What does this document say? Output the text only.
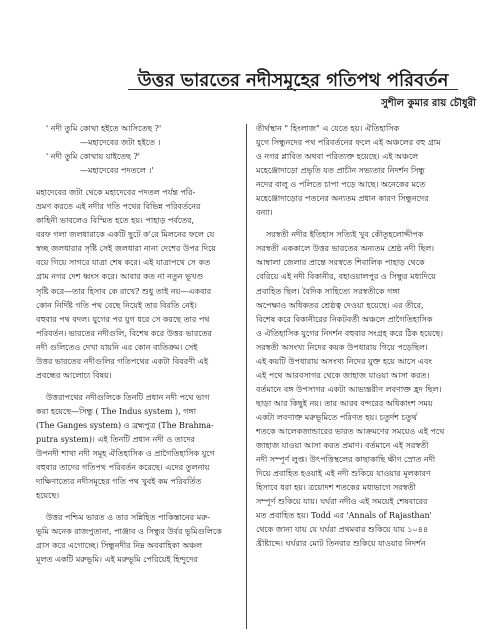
উত্তর ভারতের নদীসমূহের গতিপথ পরিবর্তন
সুশীল কুমার রায় চৌধুরী
' নদী তুমি কোথা হইতে আসিতেছ ?'
—মহাদেবের জটা হইতে ।
' নদী তুমি কোথায় যাইতেছ ?'
—মহাদেবের পদতলে ।'
মহাদেবের জটা থেকে মহাদেবের পদতল পর্যন্ত পরি-
ভ্রমণ করতে এই নদীর গতি পথের বিভিন্ন পরিবর্তনের
কাহিনী ভাবলেও বিস্মিত হতে হয়। পাহাড় পর্বতের,
বরফ গলা জলধারাকে একটি ছুটে ক'রে মিলনের ফলে যে
স্বচ্ছ জলধারার সৃষ্টি সেই জলধারা নানা দেশের উপর দিয়ে
বয়ে গিয়ে সাগরে যাত্রা শেষ করে। এই যাত্রাপথে সে কত
গ্রাম নগর দেশ ধ্বংস করে। আবার কত না নতুন ভূখণ্ড
সৃষ্টি করে—তার হিসাব কে রাখে? শুধু তাই নয়—একবার
কোন নির্দিষ্ট গতি পথ বেছে নিয়েই তার বিরতি নেই।
বহুবার পথ বদল। যুগের পর যুগ ধরে সে করছে তার পথ
পরিবর্তন। ভারতের নদীগুলি, বিশেষ করে উত্তর ভারতের
নদী গুলিতেও দেখা যায়নি এর কোন ব্যতিক্রম। সেই
উত্তর ভারতের নদীগুলির গতিপথের একটা বিবরণী এই
প্রবন্ধের আলোচ্য বিষয়।
উত্তরাপথের নদীগুলিকে তিনটি প্রধান নদী পথে ভাগ
করা হয়েছে—সিন্ধু ( The Indus system ), গঙ্গা
(The Ganges system) ও ব্রহ্মপুত্র (The Brahma-
putra system)। এই তিনটি প্রধান নদী ও তাদের
উপনদী শাখা নদী সমূহ ঐতিহাসিক ও প্রাগৈতিহাসিক যুগে
বহুবার তাদের গতিপথ পরিবর্তন করেছে। এদের তুলনায়
দাক্ষিণাত্যের নদীসমূহের গতি পথ খুবই কম পরিবর্তিত
হয়েছে।
উত্তর পশ্চিম ভারত ও তার সন্নিহিত পাকিস্তানের মরু-
ভূমি অনেক রাজপুতানা, পাঞ্জাব ও সিন্ধুর উর্বর ভূমিগুলিকে
গ্রাস করে এগোচ্ছে। সিন্ধুনদীর নিম্ন অববাহিকা অঞ্চল
মূলত একটি মরুভূমি। এই মরুভূমি পেরিয়েই হিন্দুদের
তীর্থস্থান " হিংলাজ" এ যেতে হয়। ঐতিহাসিক
যুগে সিন্ধুনদের পথ পরিবর্তনের ফলে এই অঞ্চলের বহু গ্রাম
ও নগর প্লাবিত অথবা পরিত্যক্ত হয়েছে। এই অঞ্চলে
মহেঞ্জোদাড়ো প্রভৃতি যত প্রাচীন সভ্যতার নিদর্শন সিন্ধু
নদের বালু ও পলিতে চাপা পড়ে আছে। অনেকের মতে
মহেঞ্জোদাড়োর পতনের অন্যতম প্রধান কারণ সিন্ধুনদের
বন্যা।
সরস্বতী নদীর ইতিহাস সত্যিই খুব কৌতূহলোদ্দীপক
সরস্বতী এককালে উত্তর ভারতের অন্যতম শ্রেষ্ঠ নদী ছিল।
আম্বালা জেলার প্রান্তে সরস্বতে শিবালিক পাহাড় থেকে
বেরিয়ে এই নদী বিকানীর, বহাওয়ালপুর ও সিন্ধুর মধ্যদিয়ে
প্রবাহিত ছিল। বৈদিক সাহিত্যে সরস্বতীকে গঙ্গা
অপেক্ষাও অধিকতর শ্রেষ্ঠত্ব দেওয়া হয়েছে। এর তীরে,
বিশেষ করে বিকানীরের নিকটবর্তী অঞ্চলে প্রাগৈতিহাসিক
ও ঐতিহাসিক যুগের নিদর্শন বহুবার সংগ্রহ করে ঠিক হয়েছে।
সরস্বতী অসংখ্য নিদের কয়ক উপধারায় গিয়ে পড়েছিল।
এই কয়টি উপধারায় অসংখ্য নিদের যুক্ত হয়ে আসে এবং
এই পথে আরবসাগর থেকে জাহাজ যাওয়া আসা করত।
বর্তমানে বঙ্গ উপসাগর একটা আভ্যন্তরীণ লবণাক্ত হ্রদ ছিল।
ছাড়া আর কিছুই নয়। তার আরব বন্দরের অধিকাংশ সময়
একটা লবণাক্ত মরুভূমিতে পরিণত হয়। চতুর্দশ চতুর্থ
শতকে আলেকজান্ডারের ভারত আক্রমণের সময়েও এই পথে
জাহাজ যাওয়া আসা করত প্রমাণ। বর্তমানে এই সরস্বতী
নদী সম্পূর্ণ লুপ্ত। উৎপত্তিস্থলের কাছাকাছি ক্ষীণ স্রোত নদী
দিয়ে প্রবাহিত হওয়াই এই নদী শুকিয়ে যাওয়ার মূলকারণ
হিসাবে ধরা হয়। ত্রয়োদশ শতকের মধ্যভাগে সরস্বতী
সম্পূর্ণ শুকিয়ে যায়। ঘর্ঘরা নদীও এই সময়েই শেষবারের
মত প্রবাহিত হয়। Todd এর 'Annals of Rajasthan'
থেকে জানা যায় যে ঘর্ঘরা প্রথমবার শুকিয়ে যায় ১০৪৪
খ্রীষ্টাব্দে। ঘর্ঘরার মোট তিনবার শুকিয়ে যাওয়ার নিদর্শন
